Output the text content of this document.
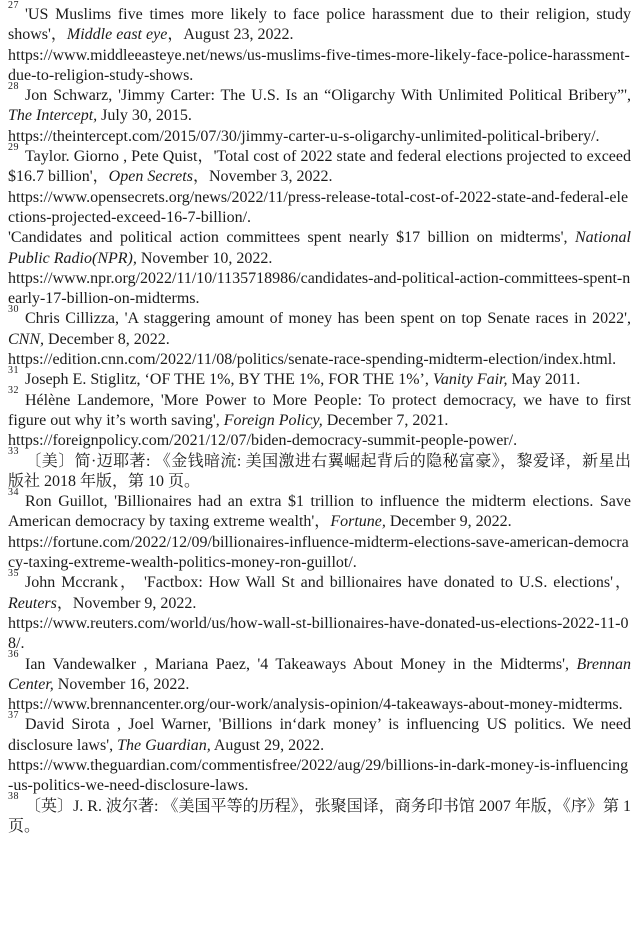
$^{27}$'US Muslims five times more likely to face police harassment due to their religion, study shows'，Middle east eye，August 23, 2022.
https://www.middleeasteye.net/news/us-muslims-five-times-more-likely-face-police-harassment-due-to-religion-study-shows.
$^{28}$Jon Schwarz, 'Jimmy Carter: The U.S. Is an “Oligarchy With Unlimited Political Bribery”', The Intercept, July 30, 2015.
https://theintercept.com/2015/07/30/jimmy-carter-u-s-oligarchy-unlimited-political-bribery/.
$^{29}$Taylor. Giorno , Pete Quist，'Total cost of 2022 state and federal elections projected to exceed $16.7 billion'，Open Secrets，November 3, 2022.
https://www.opensecrets.org/news/2022/11/press-release-total-cost-of-2022-state-and-federal-elections-projected-exceed-16-7-billion/.
'Candidates and political action committees spent nearly $17 billion on midterms', National Public Radio(NPR), November 10, 2022.
https://www.npr.org/2022/11/10/1135718986/candidates-and-political-action-committees-spent-nearly-17-billion-on-midterms.
$^{30}$Chris Cillizza, 'A staggering amount of money has been spent on top Senate races in 2022', CNN, December 8, 2022.
https://edition.cnn.com/2022/11/08/politics/senate-race-spending-midterm-election/index.html.
$^{31}$Joseph E. Stiglitz, ‘OF THE 1%, BY THE 1%, FOR THE 1%’, Vanity Fair, May 2011.
$^{32}$Hélène Landemore, 'More Power to More People: To protect democracy, we have to first figure out why it’s worth saving', Foreign Policy, December 7, 2021.
https://foreignpolicy.com/2021/12/07/biden-democracy-summit-people-power/.
$^{33}$〔美〕简·迈耶著: 《金钱暗流: 美国激进右翼崛起背后的隐秘富豪》，黎爱译，新星出版社 2018 年版，第 10 页。
$^{34}$Ron Guillot, 'Billionaires had an extra $1 trillion to influence the midterm elections. Save American democracy by taxing extreme wealth'，Fortune, December 9, 2022.
https://fortune.com/2022/12/09/billionaires-influence-midterm-elections-save-american-democracy-taxing-extreme-wealth-politics-money-ron-guillot/.
$^{35}$John Mccrank， 'Factbox: How Wall St and billionaires have donated to U.S. elections'，Reuters，November 9, 2022.
https://www.reuters.com/world/us/how-wall-st-billionaires-have-donated-us-elections-2022-11-08/.
$^{36}$Ian Vandewalker , Mariana Paez, '4 Takeaways About Money in the Midterms', Brennan Center, November 16, 2022.
https://www.brennancenter.org/our-work/analysis-opinion/4-takeaways-about-money-midterms.
$^{37}$David Sirota , Joel Warner, 'Billions in‘dark money’ is influencing US politics. We need disclosure laws', The Guardian, August 29, 2022.
https://www.theguardian.com/commentisfree/2022/aug/29/billions-in-dark-money-is-influencing-us-politics-we-need-disclosure-laws.
$^{38}$〔英〕J. R. 波尔著: 《美国平等的历程》，张聚国译，商务印书馆 2007 年版，《序》第 1 页。
